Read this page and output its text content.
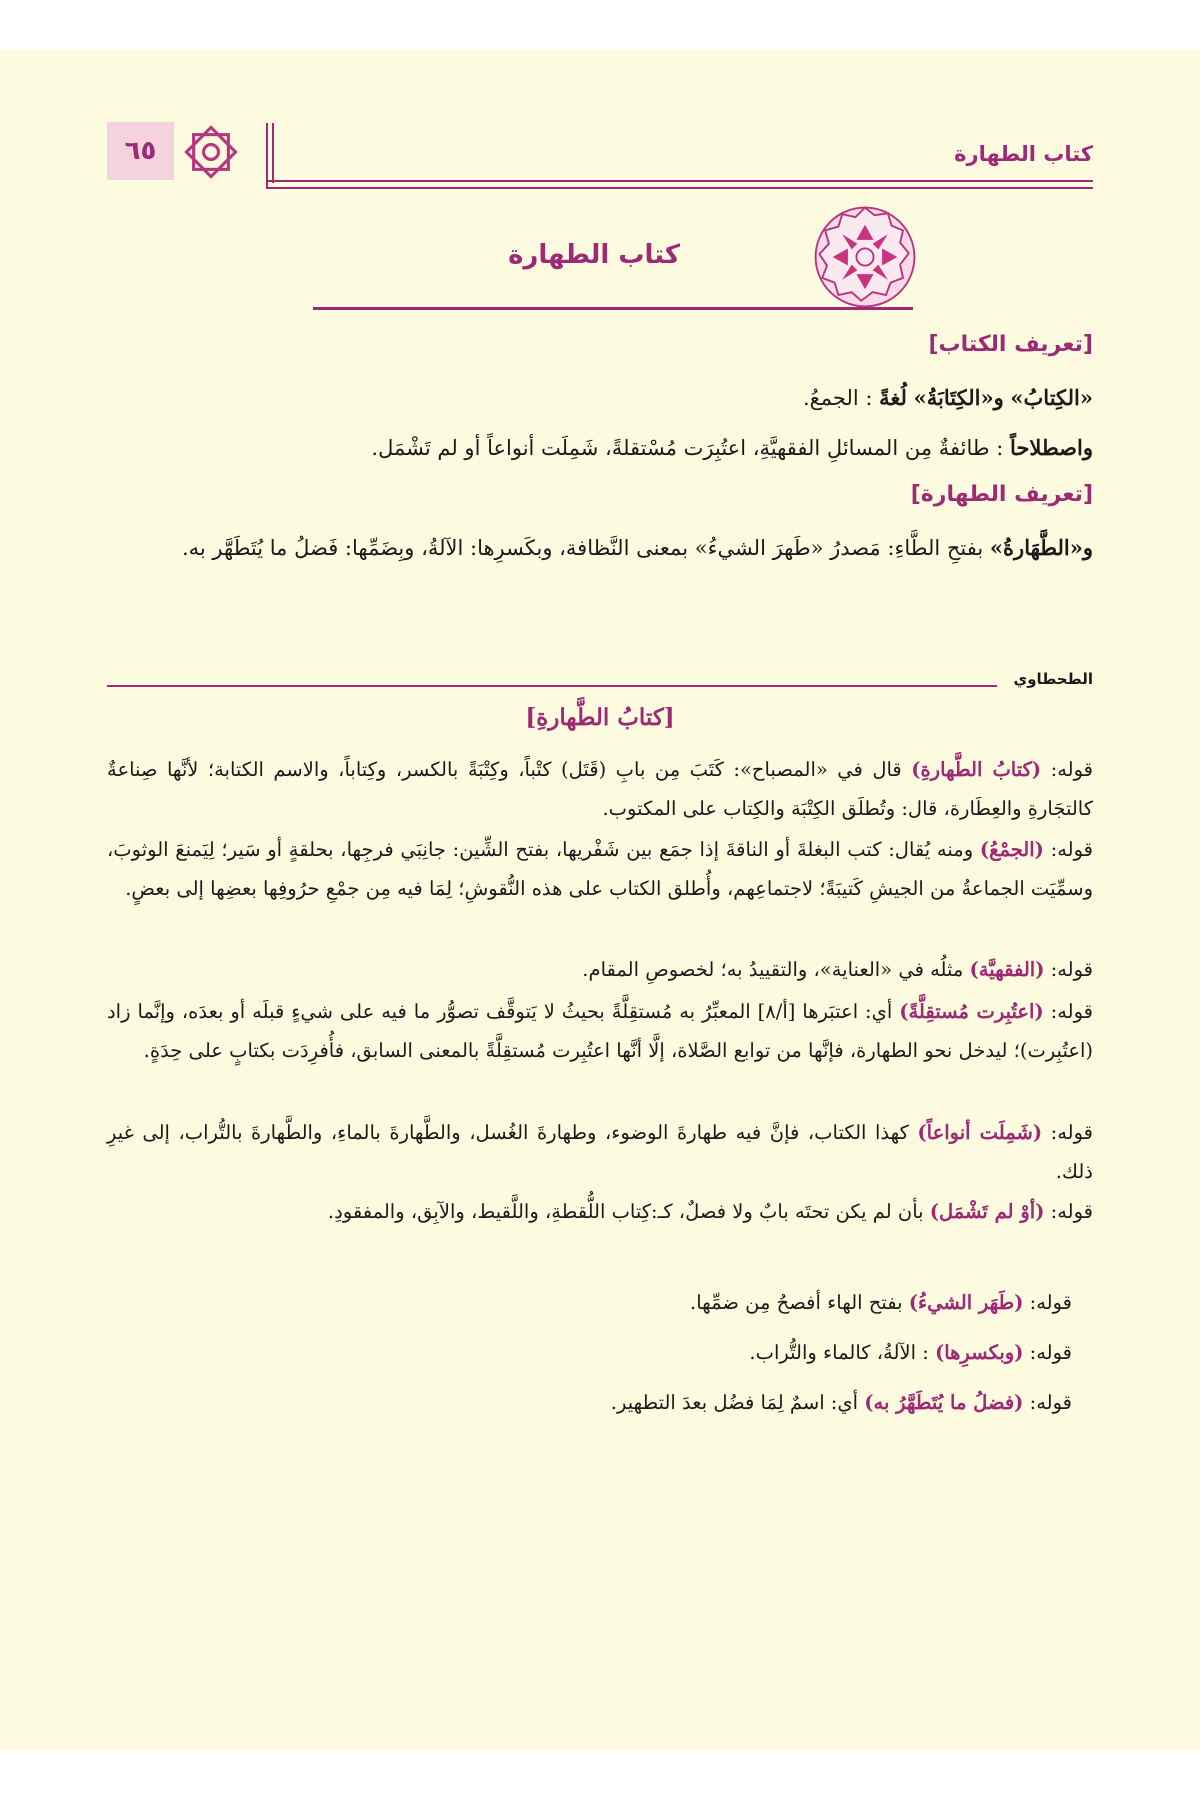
كتاب الطهارة
٦٥
كتاب الطهارة
[تعريف الكتاب]
«الكِتابُ» و«الكِتَابَةُ» لُغةً : الجمعُ.
واصطلاحاً : طائفةٌ مِن المسائلِ الفقهيَّةِ، اعتُبِرَت مُسْتقلةً، شَمِلَت أنواعاً أو لم تَشْمَل.
[تعريف الطهارة]
و«الطَّهَارةُ» بفتحِ الطَّاءِ: مَصدرُ «طَهرَ الشيءُ» بمعنى النَّظافة، وبكَسرِها: الآلةُ، وبِضَمِّها: فَضلُ ما يُتَطَهَّر به.
الطحطاوي
[كتابُ الطَّهارةِ]
قوله: (كتابُ الطَّهارةِ) قال في «المصباح»: كَتَبَ مِن بابِ (قَتَل) كتْباً، وكِتْبَةً بالكسر، وكِتاباً، والاسم الكتابة؛ لأنَّها صِناعةٌ كالتجَارةِ والعِطَارة، قال: وتُطلَق الكِتْبَة والكِتاب على المكتوب.
قوله: (الجمْعُ) ومنه يُقال: كتب البغلةَ أو الناقةَ إذا جمَع بين شَفْريها، بفتح الشِّين: جانِبَي فرجِها، بحلقةٍ أو سَير؛ لِيَمنعَ الوثوبَ، وسمِّيَت الجماعةُ من الجيشِ كَتيبَةً؛ لاجتماعِهم، وأُطلق الكتاب على هذه النُّقوشِ؛ لِمَا فيه مِن جمْعِ حرُوفِها بعضِها إلى بعضٍ.
قوله: (الفقهيَّة) مثلُه في «العناية»، والتقييدُ به؛ لخصوصِ المقام.
قوله: (اعتُبِرت مُستقِلَّةً) أي: اعتبَرها [أ/٨] المعبِّرُ به مُستقِلَّةً بحيثُ لا يَتوقَّف تصوُّر ما فيه على شيءٍ قبلَه أو بعدَه، وإنَّما زاد (اعتُبِرت)؛ ليدخل نحو الطهارة، فإنَّها من توابع الصَّلاة، إلَّا أنَّها اعتُبِرت مُستقِلَّةً بالمعنى السابق، فأُفرِدَت بكتابٍ على حِدَةٍ.
قوله: (شَمِلَت أنواعاً) كهذا الكتاب، فإنَّ فيه طهارةَ الوضوء، وطهارةَ الغُسل، والطَّهارةَ بالماءِ، والطَّهارةَ بالتُّراب، إلى غيرِ ذلك.
قوله: (أوْ لم تَشْمَل) بأن لم يكن تحتَه بابٌ ولا فصلٌ، كـ:كِتاب اللُّقطةِ، واللَّقيط، والآبِق، والمفقودِ.
قوله: (طَهَر الشيءُ) بفتح الهاء أفصحُ مِن ضمِّها.
قوله: (وبكسرِها) : الآلةُ، كالماء والتُّراب.
قوله: (فضلُ ما يُتَطَهَّرُ به) أي: اسمٌ لِمَا فضُل بعدَ التطهير.
